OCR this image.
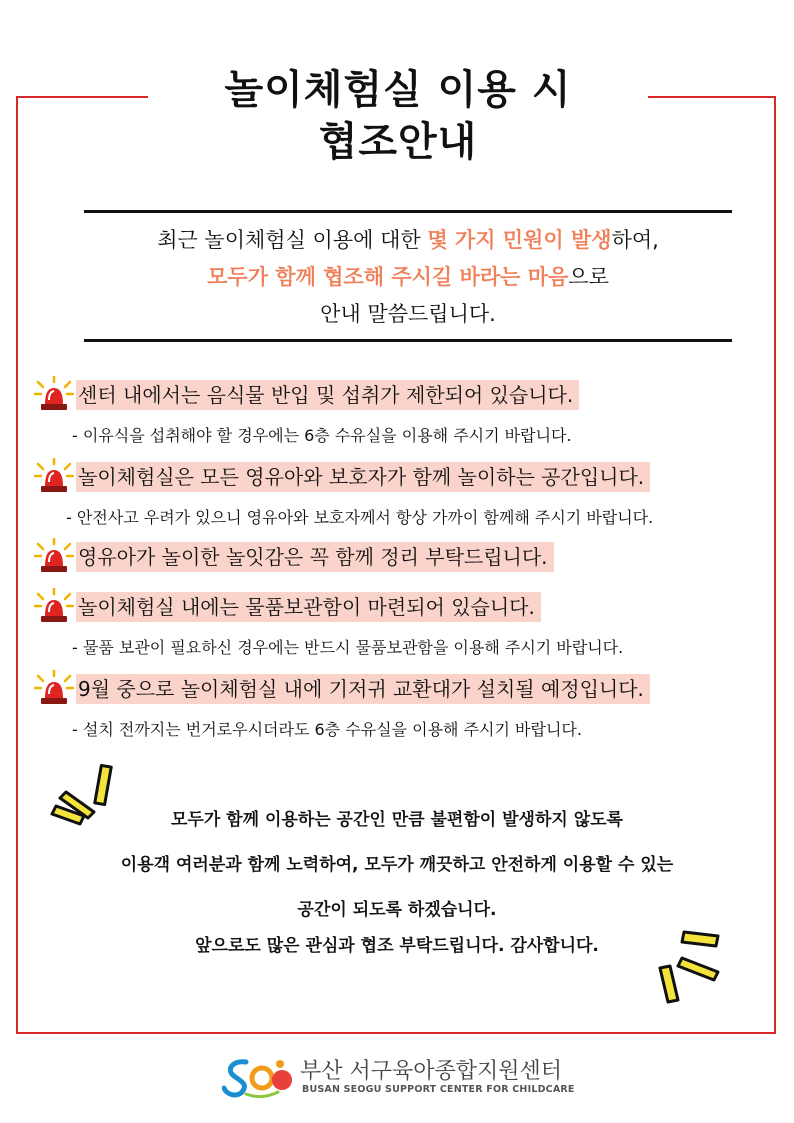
놀이체험실 이용 시
협조안내
최근 놀이체험실 이용에 대한 몇 가지 민원이 발생하여,
모두가 함께 협조해 주시길 바라는 마음으로
안내 말씀드립니다.
센터 내에서는 음식물 반입 및 섭취가 제한되어 있습니다.
- 이유식을 섭취해야 할 경우에는 6층 수유실을 이용해 주시기 바랍니다.
놀이체험실은 모든 영유아와 보호자가 함께 놀이하는 공간입니다.
- 안전사고 우려가 있으니 영유아와 보호자께서 항상 가까이 함께해 주시기 바랍니다.
영유아가 놀이한 놀잇감은 꼭 함께 정리 부탁드립니다.
놀이체험실 내에는 물품보관함이 마련되어 있습니다.
- 물품 보관이 필요하신 경우에는 반드시 물품보관함을 이용해 주시기 바랍니다.
9월 중으로 놀이체험실 내에 기저귀 교환대가 설치될 예정입니다.
- 설치 전까지는 번거로우시더라도 6층 수유실을 이용해 주시기 바랍니다.
모두가 함께 이용하는 공간인 만큼 불편함이 발생하지 않도록
이용객 여러분과 함께 노력하여, 모두가 깨끗하고 안전하게 이용할 수 있는
공간이 되도록 하겠습니다.
앞으로도 많은 관심과 협조 부탁드립니다. 감사합니다.
부산 서구육아종합지원센터
BUSAN SEOGU SUPPORT CENTER FOR CHILDCARE
